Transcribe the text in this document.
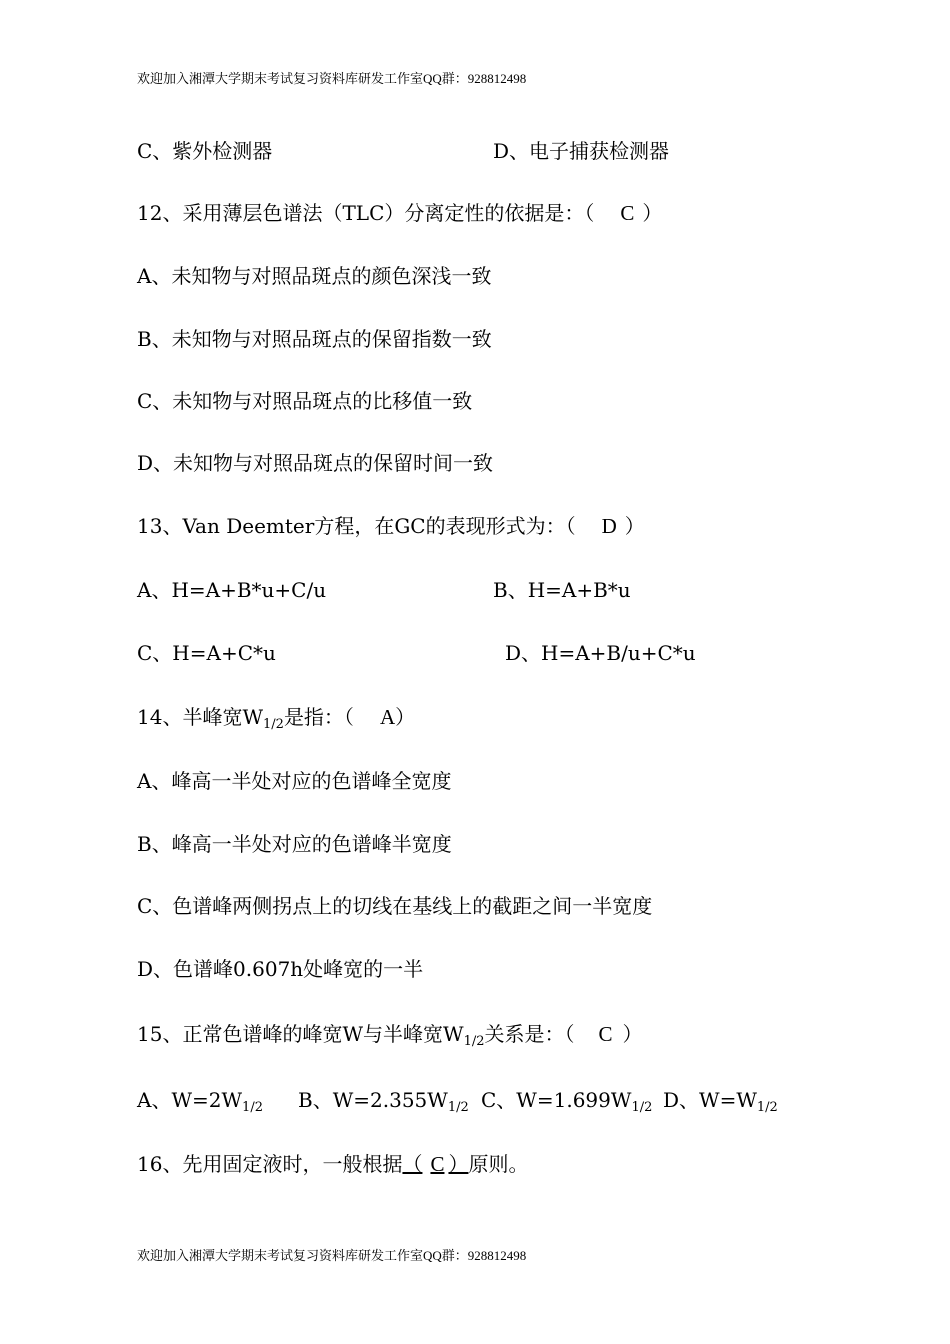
欢迎加入湘潭大学期末考试复习资料库研发工作室QQ群：928812498
C、紫外检测器	D、电子捕获检测器
12、采用薄层色谱法（TLC）分离定性的依据是：（ C ）
A、未知物与对照品斑点的颜色深浅一致
B、未知物与对照品斑点的保留指数一致
C、未知物与对照品斑点的比移值一致
D、未知物与对照品斑点的保留时间一致
13、Van Deemter方程，在GC的表现形式为：（ D ）
A、H=A+B*u+C/u	B、H=A+B*u
C、H=A+C*u	D、H=A+B/u+C*u
14、半峰宽$W_{1/2}$是指：（ A）
A、峰高一半处对应的色谱峰全宽度
B、峰高一半处对应的色谱峰半宽度
C、色谱峰两侧拐点上的切线在基线上的截距之间一半宽度
D、色谱峰0.607h处峰宽的一半
15、正常色谱峰的峰宽W与半峰宽$W_{1/2}$关系是：（ C ）
A、$W=2W_{1/2}$ B、$W=2.355W_{1/2}$ C、$W=1.699W_{1/2}$ D、$W=W_{1/2}$
16、先用固定液时，一般根据（ C ）原则。
欢迎加入湘潭大学期末考试复习资料库研发工作室QQ群：928812498
